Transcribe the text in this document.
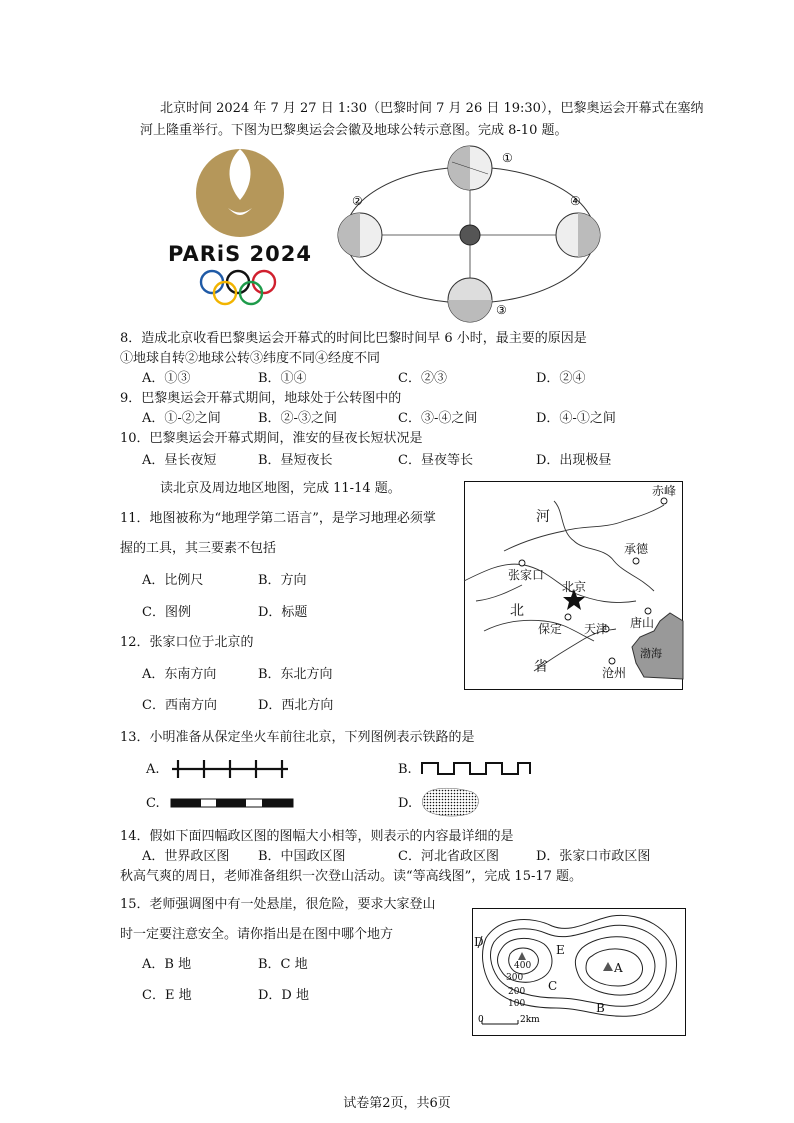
北京时间 2024 年 7 月 27 日 1:30（巴黎时间 7 月 26 日 19:30），巴黎奥运会开幕式在塞纳
河上隆重举行。下图为巴黎奥运会会徽及地球公转示意图。完成 8-10 题。
PARiS 2024
①
②
③
④
8．造成北京收看巴黎奥运会开幕式的时间比巴黎时间早 6 小时，最主要的原因是
①地球自转②地球公转③纬度不同④经度不同
A．①③	B．①④	C．②③	D．②④
9．巴黎奥运会开幕式期间，地球处于公转图中的
A．①-②之间	B．②-③之间	C．③-④之间	D．④-①之间
10．巴黎奥运会开幕式期间，淮安的昼夜长短状况是
A．昼长夜短	B．昼短夜长	C．昼夜等长	D．出现极昼
读北京及周边地区地图，完成 11-14 题。	赤峰
承德
张家口
北京
唐山
保定 天津
沧州
河
北
省
渤海
11．地图被称为“地理学第二语言”，是学习地理必须掌
握的工具，其三要素不包括
A．比例尺	B．方向
C．图例	D．标题
12．张家口位于北京的
A．东南方向	B．东北方向
C．西南方向	D．西北方向
13．小明准备从保定坐火车前往北京，下列图例表示铁路的是
A.	B.
C.	D.
14．假如下面四幅政区图的图幅大小相等，则表示的内容最详细的是
A．世界政区图 B．中国政区图	C．河北省政区图	D．张家口市政区图
秋高气爽的周日，老师准备组织一次登山活动。读“等高线图”，完成 15-17 题。
15．老师强调图中有一处悬崖，很危险，要求大家登山
时一定要注意安全。请你指出是在图中哪个地方
A．B 地	B．C 地
C．E 地	D．D 地
D
E
A
B
C
400
300
200
100
0	2km
试卷第2页，共6页
